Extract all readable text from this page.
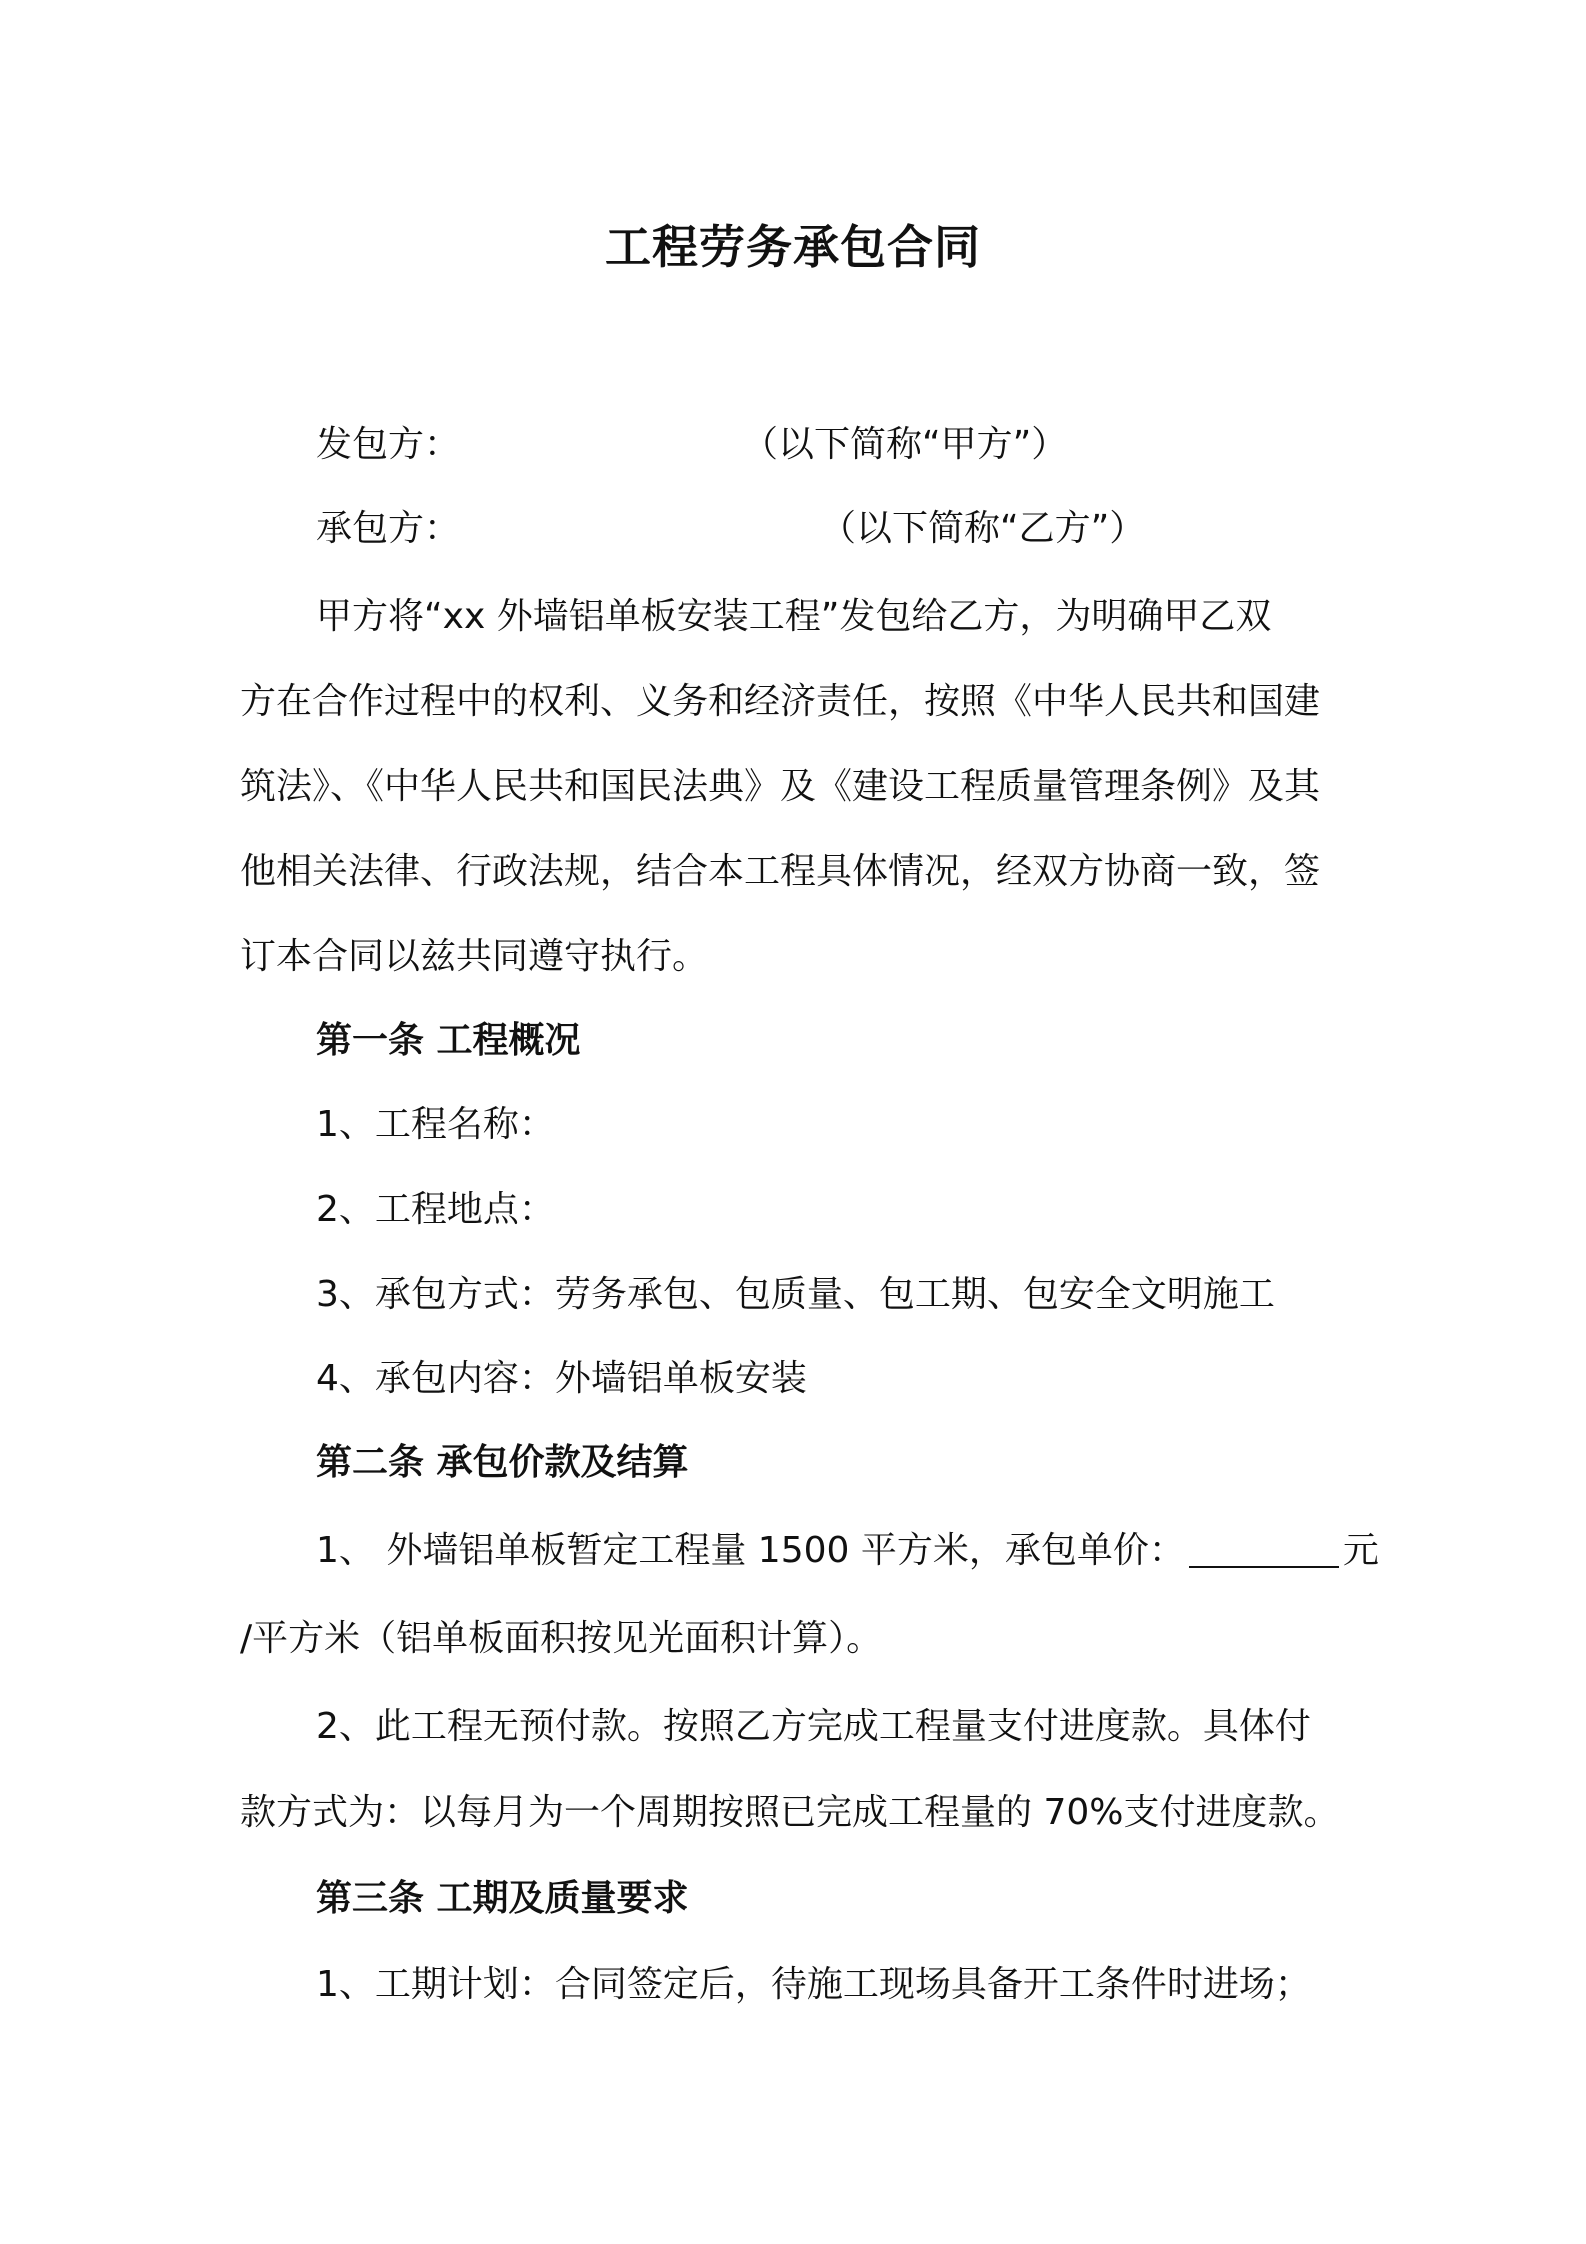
工程劳务承包合同
发包方：	（以下简称“甲方”）
承包方：	（以下简称“乙方”）
甲方将“xx 外墙铝单板安装工程”发包给乙方，为明确甲乙双
方在合作过程中的权利、义务和经济责任，按照《中华人民共和国建
筑法》、《中华人民共和国民法典》及《建设工程质量管理条例》及其
他相关法律、行政法规，结合本工程具体情况，经双方协商一致，签
订本合同以兹共同遵守执行。
第一条 工程概况
1、工程名称：
2、工程地点：
3、承包方式：劳务承包、包质量、包工期、包安全文明施工
4、承包内容：外墙铝单板安装
第二条 承包价款及结算
1、 外墙铝单板暂定工程量 1500 平方米，承包单价：	元
/平方米（铝单板面积按见光面积计算）。
2、此工程无预付款。按照乙方完成工程量支付进度款。具体付
款方式为：以每月为一个周期按照已完成工程量的 70%支付进度款。
第三条 工期及质量要求
1、工期计划：合同签定后，待施工现场具备开工条件时进场；
